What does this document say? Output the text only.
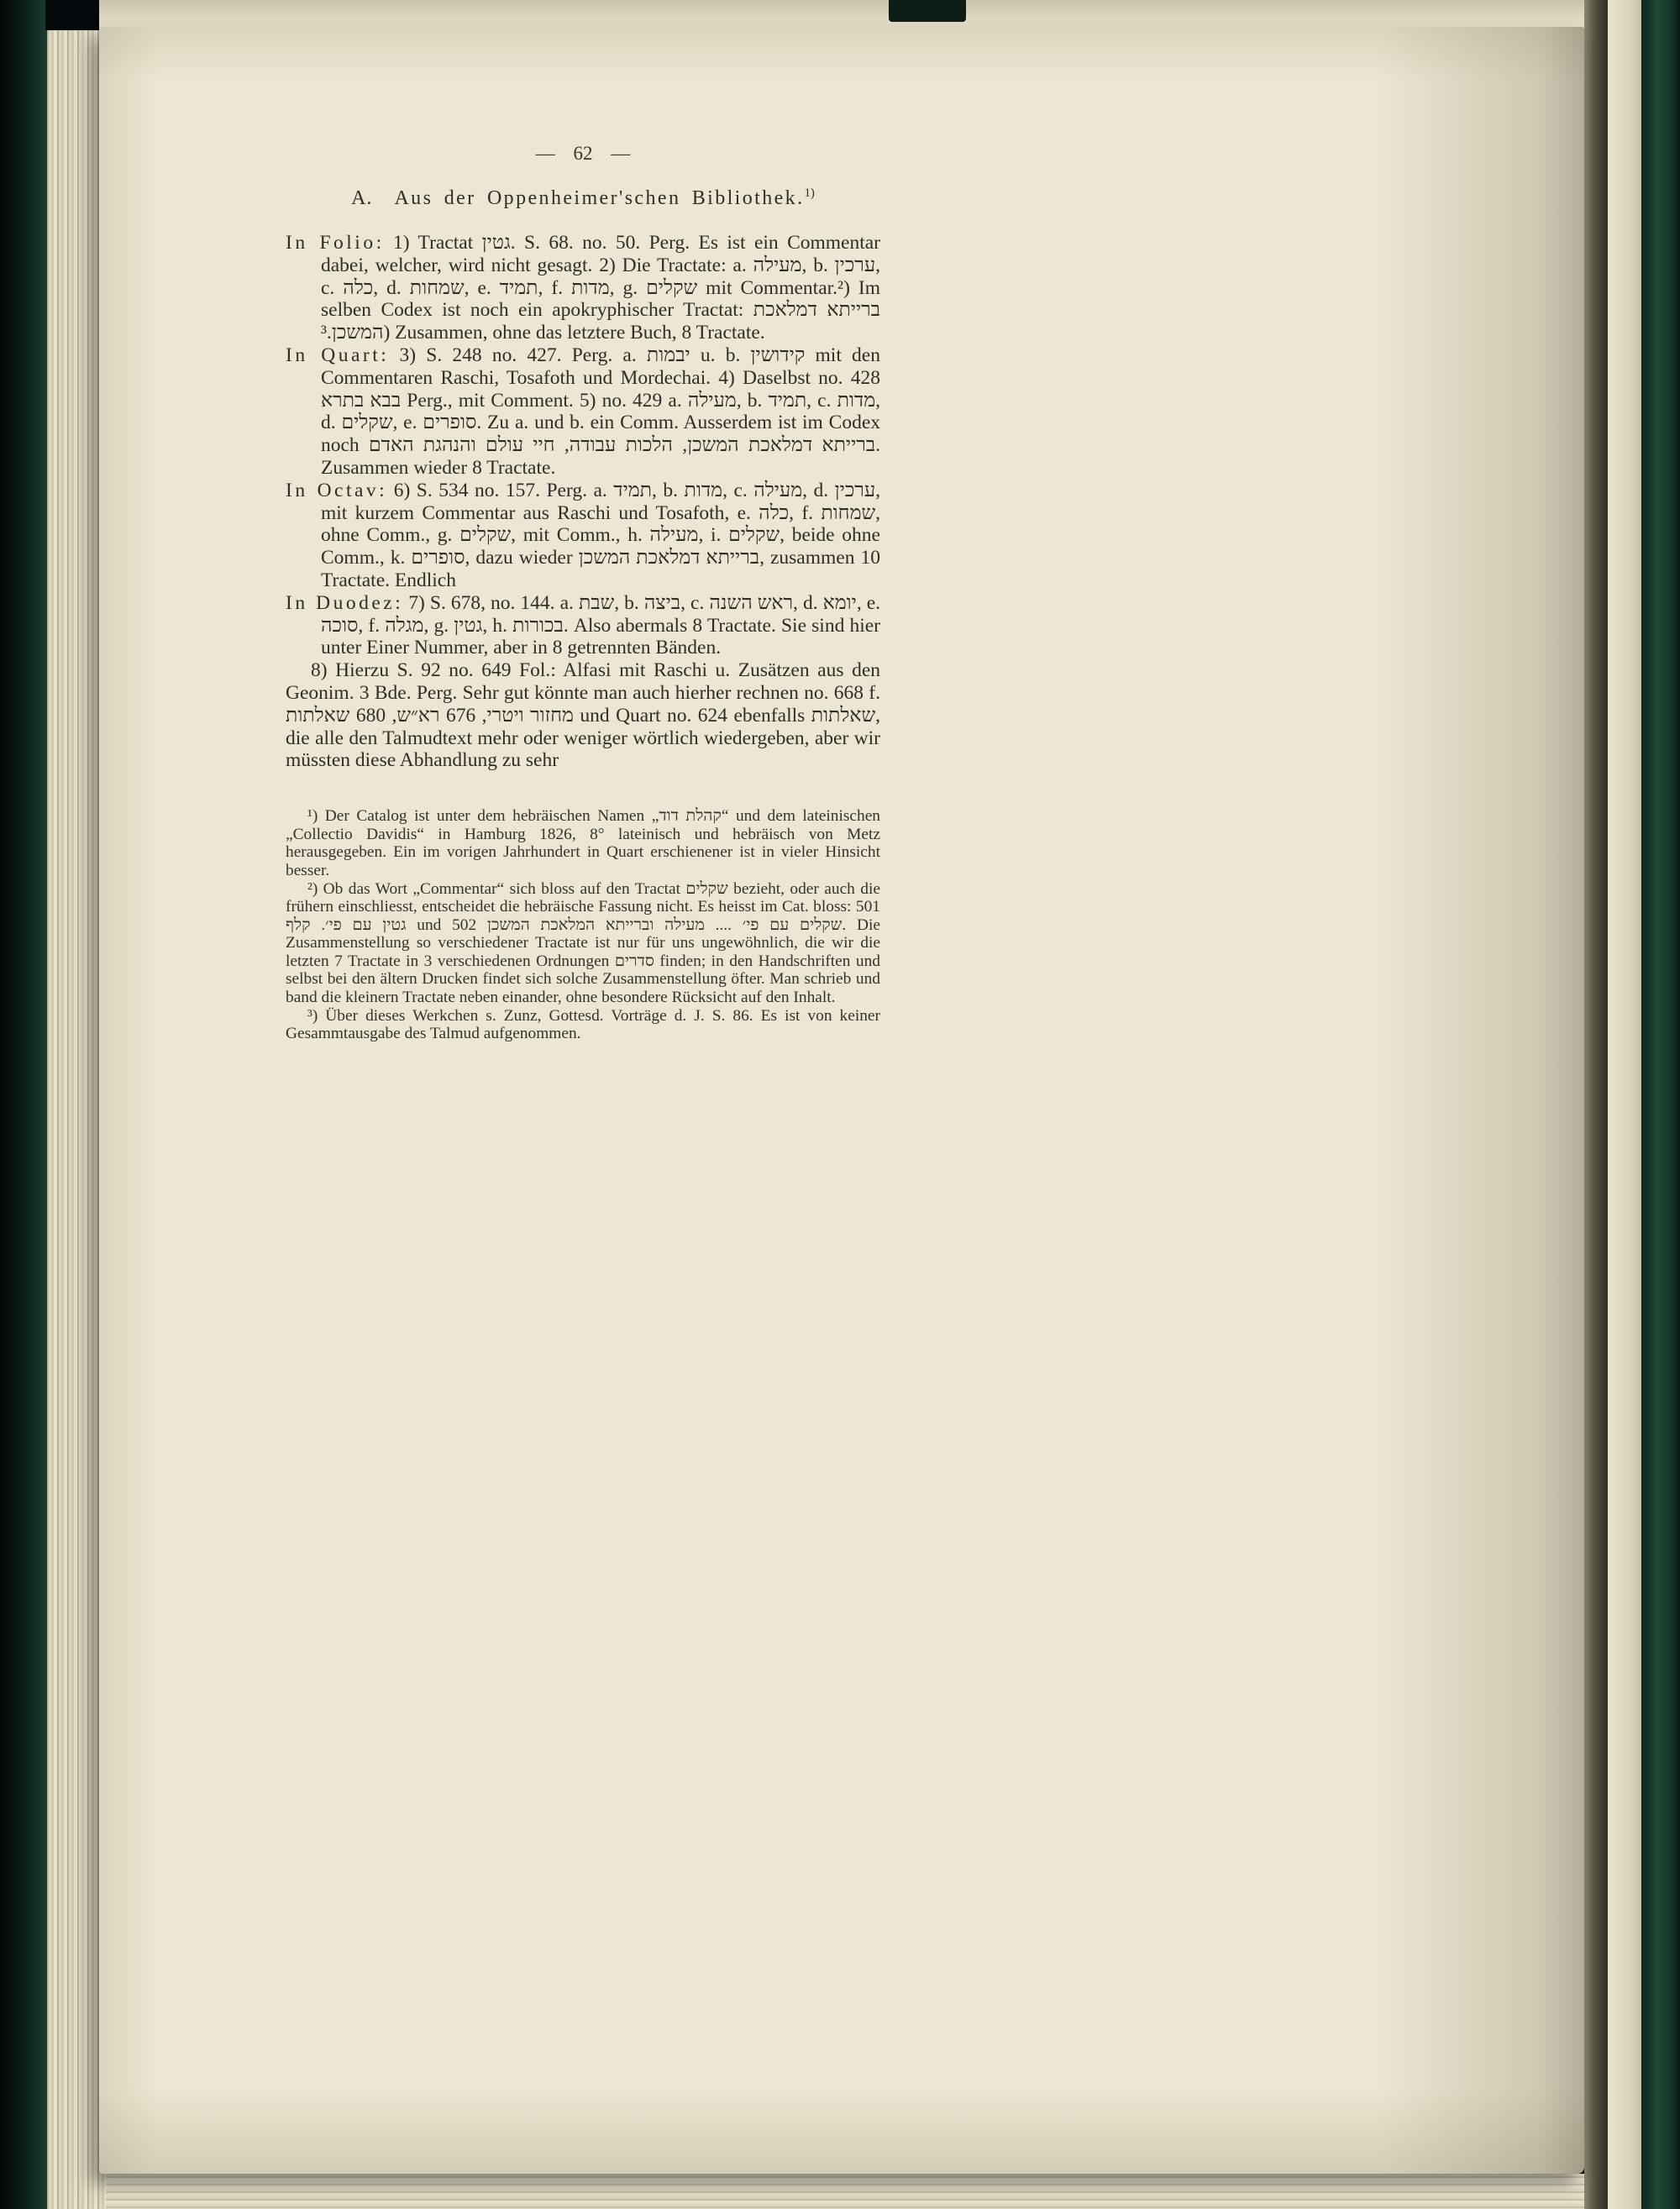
— 62 —
A. Aus der Oppenheimer'schen Bibliothek.$^{1)}$

In Folio: 1) Tractat גטין. S. 68. no. 50. Perg. Es ist ein Commentar dabei, welcher, wird nicht gesagt. 2) Die Tractate: a. מעילה, b. ערכין, c. כלה, d. שמחות, e. תמיד, f. מדות, g. שקלים mit Commentar.²) Im selben Codex ist noch ein apokryphischer Tractat: ברייתא דמלאכת המשכן.³) Zusammen, ohne das letztere Buch, 8 Tractate.

In Quart: 3) S. 248 no. 427. Perg. a. יבמות u. b. קידושין mit den Commentaren Raschi, Tosafoth und Mordechai. 4) Daselbst no. 428 בבא בתרא Perg., mit Comment. 5) no. 429 a. מעילה, b. תמיד, c. מדות, d. שקלים, e. סופרים. Zu a. und b. ein Comm. Ausserdem ist im Codex noch ברייתא דמלאכת המשכן, הלכות עבודה, חיי עולם והנהגת האדם. Zusammen wieder 8 Tractate.

In Octav: 6) S. 534 no. 157. Perg. a. תמיד, b. מדות, c. מעילה, d. ערכין, mit kurzem Commentar aus Raschi und Tosafoth, e. כלה, f. שמחות, ohne Comm., g. שקלים, mit Comm., h. מעילה, i. שקלים, beide ohne Comm., k. סופרים, dazu wieder ברייתא דמלאכת המשכן, zusammen 10 Tractate. Endlich

In Duodez: 7) S. 678, no. 144. a. שבת, b. ביצה, c. ראש השנה, d. יומא, e. סוכה, f. מגלה, g. גטין, h. בכורות. Also abermals 8 Tractate. Sie sind hier unter Einer Nummer, aber in 8 getrennten Bänden.

8) Hierzu S. 92 no. 649 Fol.: Alfasi mit Raschi u. Zusätzen aus den Geonim. 3 Bde. Perg. Sehr gut könnte man auch hierher rechnen no. 668 f. מחזור ויטרי, 676 רא״ש, 680 שאלתות und Quart no. 624 ebenfalls שאלתות, die alle den Talmudtext mehr oder weniger wörtlich wiedergeben, aber wir müssten diese Abhandlung zu sehr

¹) Der Catalog ist unter dem hebräischen Namen „קהלת דוד“ und dem lateinischen „Collectio Davidis“ in Hamburg 1826, 8° lateinisch und hebräisch von Metz herausgegeben. Ein im vorigen Jahrhundert in Quart erschienener ist in vieler Hinsicht besser.

²) Ob das Wort „Commentar“ sich bloss auf den Tractat שקלים bezieht, oder auch die frühern einschliesst, entscheidet die hebräische Fassung nicht. Es heisst im Cat. bloss: 501 גטין עם פי׳. קלף und 502 שקלים עם פי׳ .... מעילה וברייתא המלאכת המשכן. Die Zusammenstellung so verschiedener Tractate ist nur für uns ungewöhnlich, die wir die letzten 7 Tractate in 3 verschiedenen Ordnungen סדרים finden; in den Handschriften und selbst bei den ältern Drucken findet sich solche Zusammenstellung öfter. Man schrieb und band die kleinern Tractate neben einander, ohne besondere Rücksicht auf den Inhalt.

³) Über dieses Werkchen s. Zunz, Gottesd. Vorträge d. J. S. 86. Es ist von keiner Gesammtausgabe des Talmud aufgenommen.
